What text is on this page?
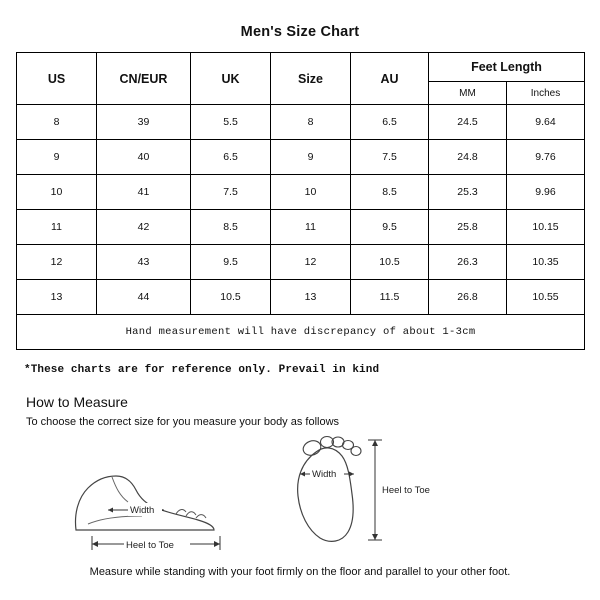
Men's Size Chart
US	CN/EUR	UK	Size	AU	Feet Length	
					MM	Inches
8	39	5.5	8	6.5	24.5	9.64
9	40	6.5	9	7.5	24.8	9.76
10	41	7.5	10	8.5	25.3	9.96
11	42	8.5	11	9.5	25.8	10.15
12	43	9.5	12	10.5	26.3	10.35
13	44	10.5	13	11.5	26.8	10.55
Hand measurement will have discrepancy of about 1-3cm						
*These charts are for reference only. Prevail in kind
How to Measure
To choose the correct size for you measure your body as follows
Width
Heel to Toe
Width
Heel to Toe
Measure while standing with your foot firmly on the floor and parallel to your other foot.
